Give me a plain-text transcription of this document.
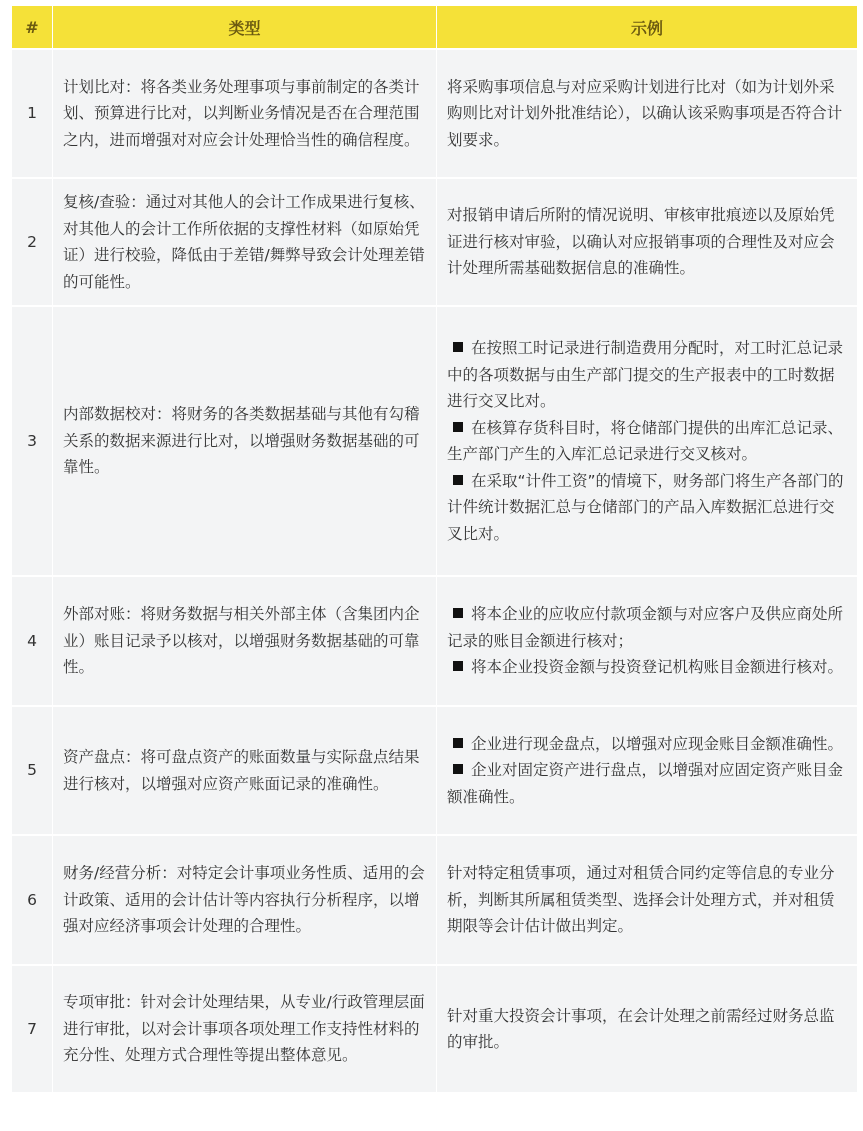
#	类型	示例
1	计划比对：将各类业务处理事项与事前制定的各类计划、预算进行比对，以判断业务情况是否在合理范围之内，进而增强对对应会计处理恰当性的确信程度。	将采购事项信息与对应采购计划进行比对（如为计划外采购则比对计划外批准结论），以确认该采购事项是否符合计划要求。

2	复核/查验：通过对其他人的会计工作成果进行复核、对其他人的会计工作所依据的支撑性材料（如原始凭证）进行校验，降低由于差错/舞弊导致会计处理差错的可能性。	对报销申请后所附的情况说明、审核审批痕迹以及原始凭证进行核对审验，以确认对应报销事项的合理性及对应会计处理所需基础数据信息的准确性。

3	内部数据校对：将财务的各类数据基础与其他有勾稽关系的数据来源进行比对，以增强财务数据基础的可靠性。	在按照工时记录进行制造费用分配时，对工时汇总记录中的各项数据与由生产部门提交的生产报表中的工时数据进行交叉比对。
在核算存货科目时，将仓储部门提供的出库汇总记录、生产部门产生的入库汇总记录进行交叉核对。
在采取“计件工资”的情境下，财务部门将生产各部门的计件统计数据汇总与仓储部门的产品入库数据汇总进行交叉比对。

4	外部对账：将财务数据与相关外部主体（含集团内企业）账目记录予以核对，以增强财务数据基础的可靠性。	将本企业的应收应付款项金额与对应客户及供应商处所记录的账目金额进行核对；
将本企业投资金额与投资登记机构账目金额进行核对。

5	资产盘点：将可盘点资产的账面数量与实际盘点结果进行核对，以增强对应资产账面记录的准确性。	企业进行现金盘点，以增强对应现金账目金额准确性。
企业对固定资产进行盘点，以增强对应固定资产账目金额准确性。

6	财务/经营分析：对特定会计事项业务性质、适用的会计政策、适用的会计估计等内容执行分析程序，以增强对应经济事项会计处理的合理性。	针对特定租赁事项，通过对租赁合同约定等信息的专业分析，判断其所属租赁类型、选择会计处理方式，并对租赁期限等会计估计做出判定。

7	专项审批：针对会计处理结果，从专业/行政管理层面进行审批，以对会计事项各项处理工作支持性材料的充分性、处理方式合理性等提出整体意见。	针对重大投资会计事项，在会计处理之前需经过财务总监的审批。
